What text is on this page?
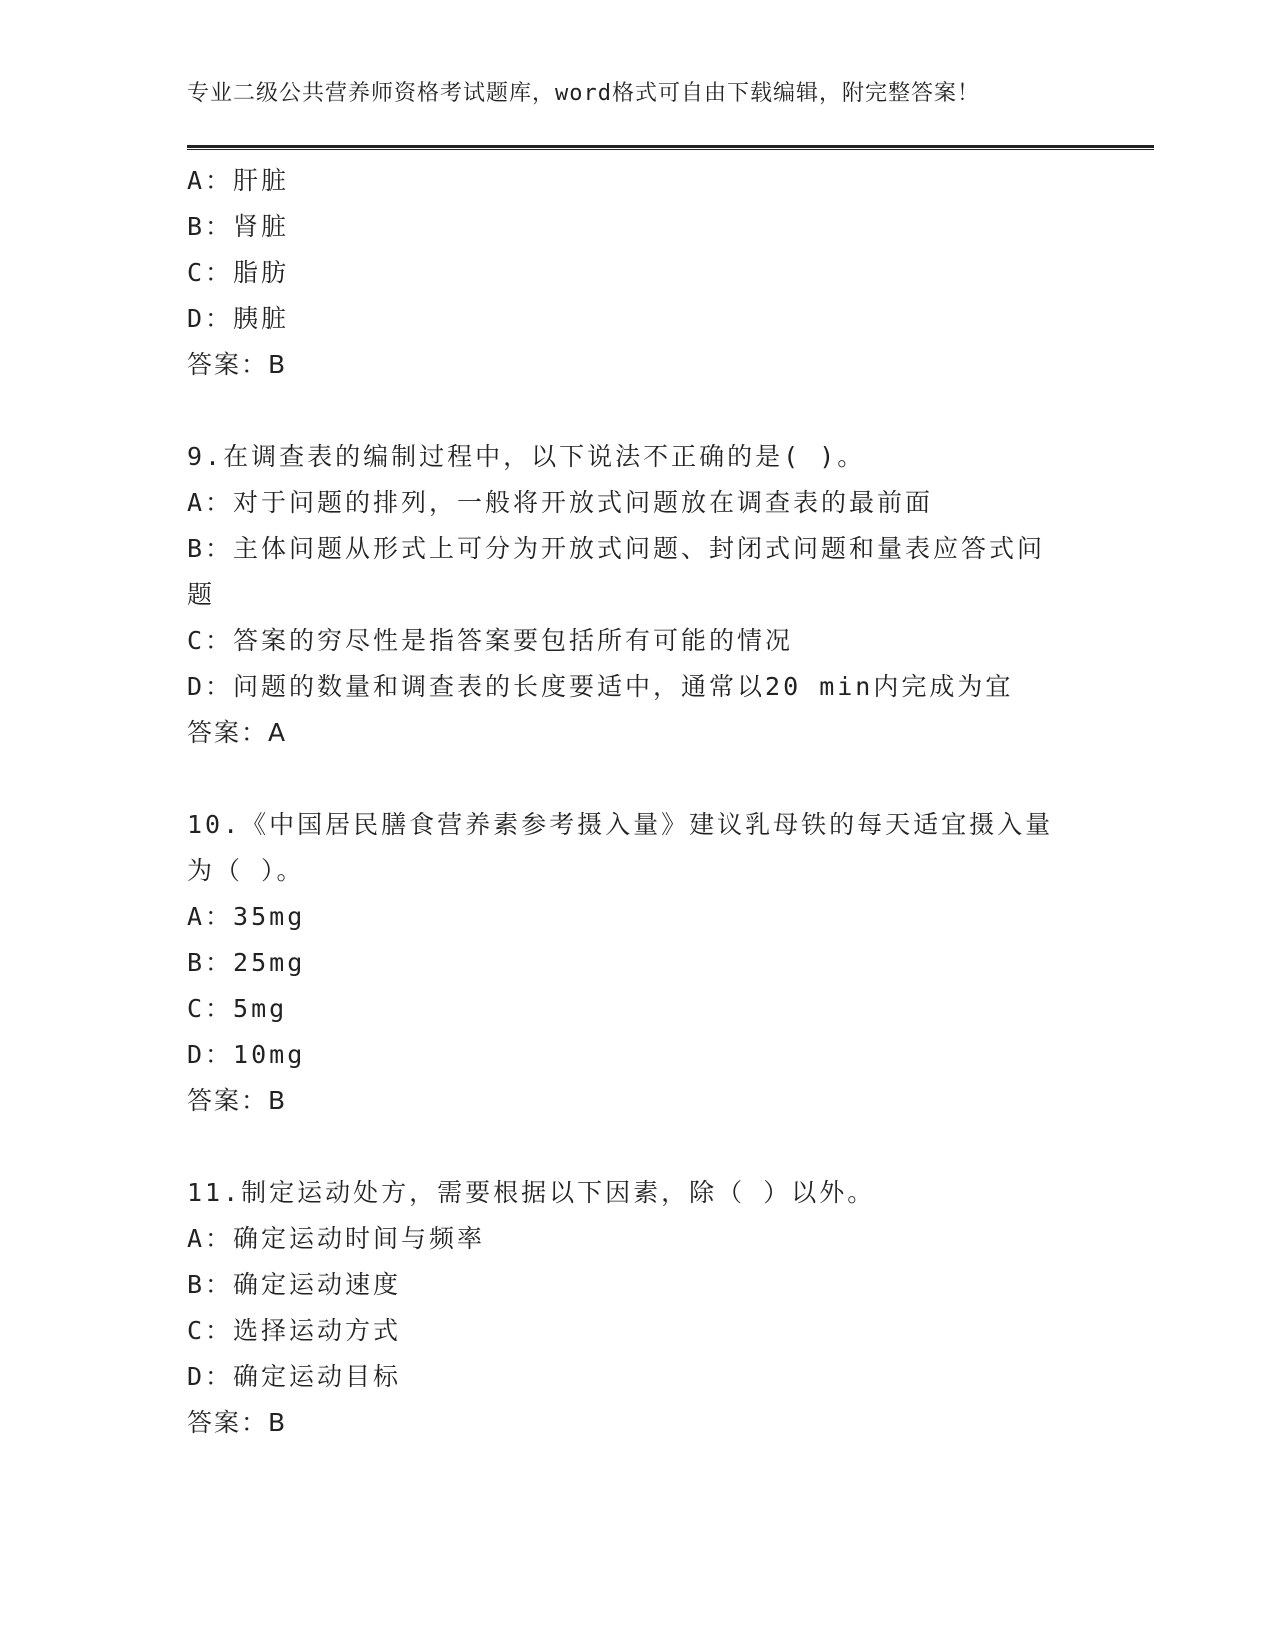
专业二级公共营养师资格考试题库，word格式可自由下载编辑，附完整答案！
A：肝脏
B：肾脏
C：脂肪
D：胰脏
答案：B
9.在调查表的编制过程中，以下说法不正确的是( )。
A：对于问题的排列，一般将开放式问题放在调查表的最前面
B：主体问题从形式上可分为开放式问题、封闭式问题和量表应答式问
题
C：答案的穷尽性是指答案要包括所有可能的情况
D：问题的数量和调查表的长度要适中，通常以20 min内完成为宜
答案：A
10.《中国居民膳食营养素参考摄入量》建议乳母铁的每天适宜摄入量
为（ ）。
A：35mg
B：25mg
C：5mg
D：10mg
答案：B
11.制定运动处方，需要根据以下因素，除（ ）以外。
A：确定运动时间与频率
B：确定运动速度
C：选择运动方式
D：确定运动目标
答案：B
